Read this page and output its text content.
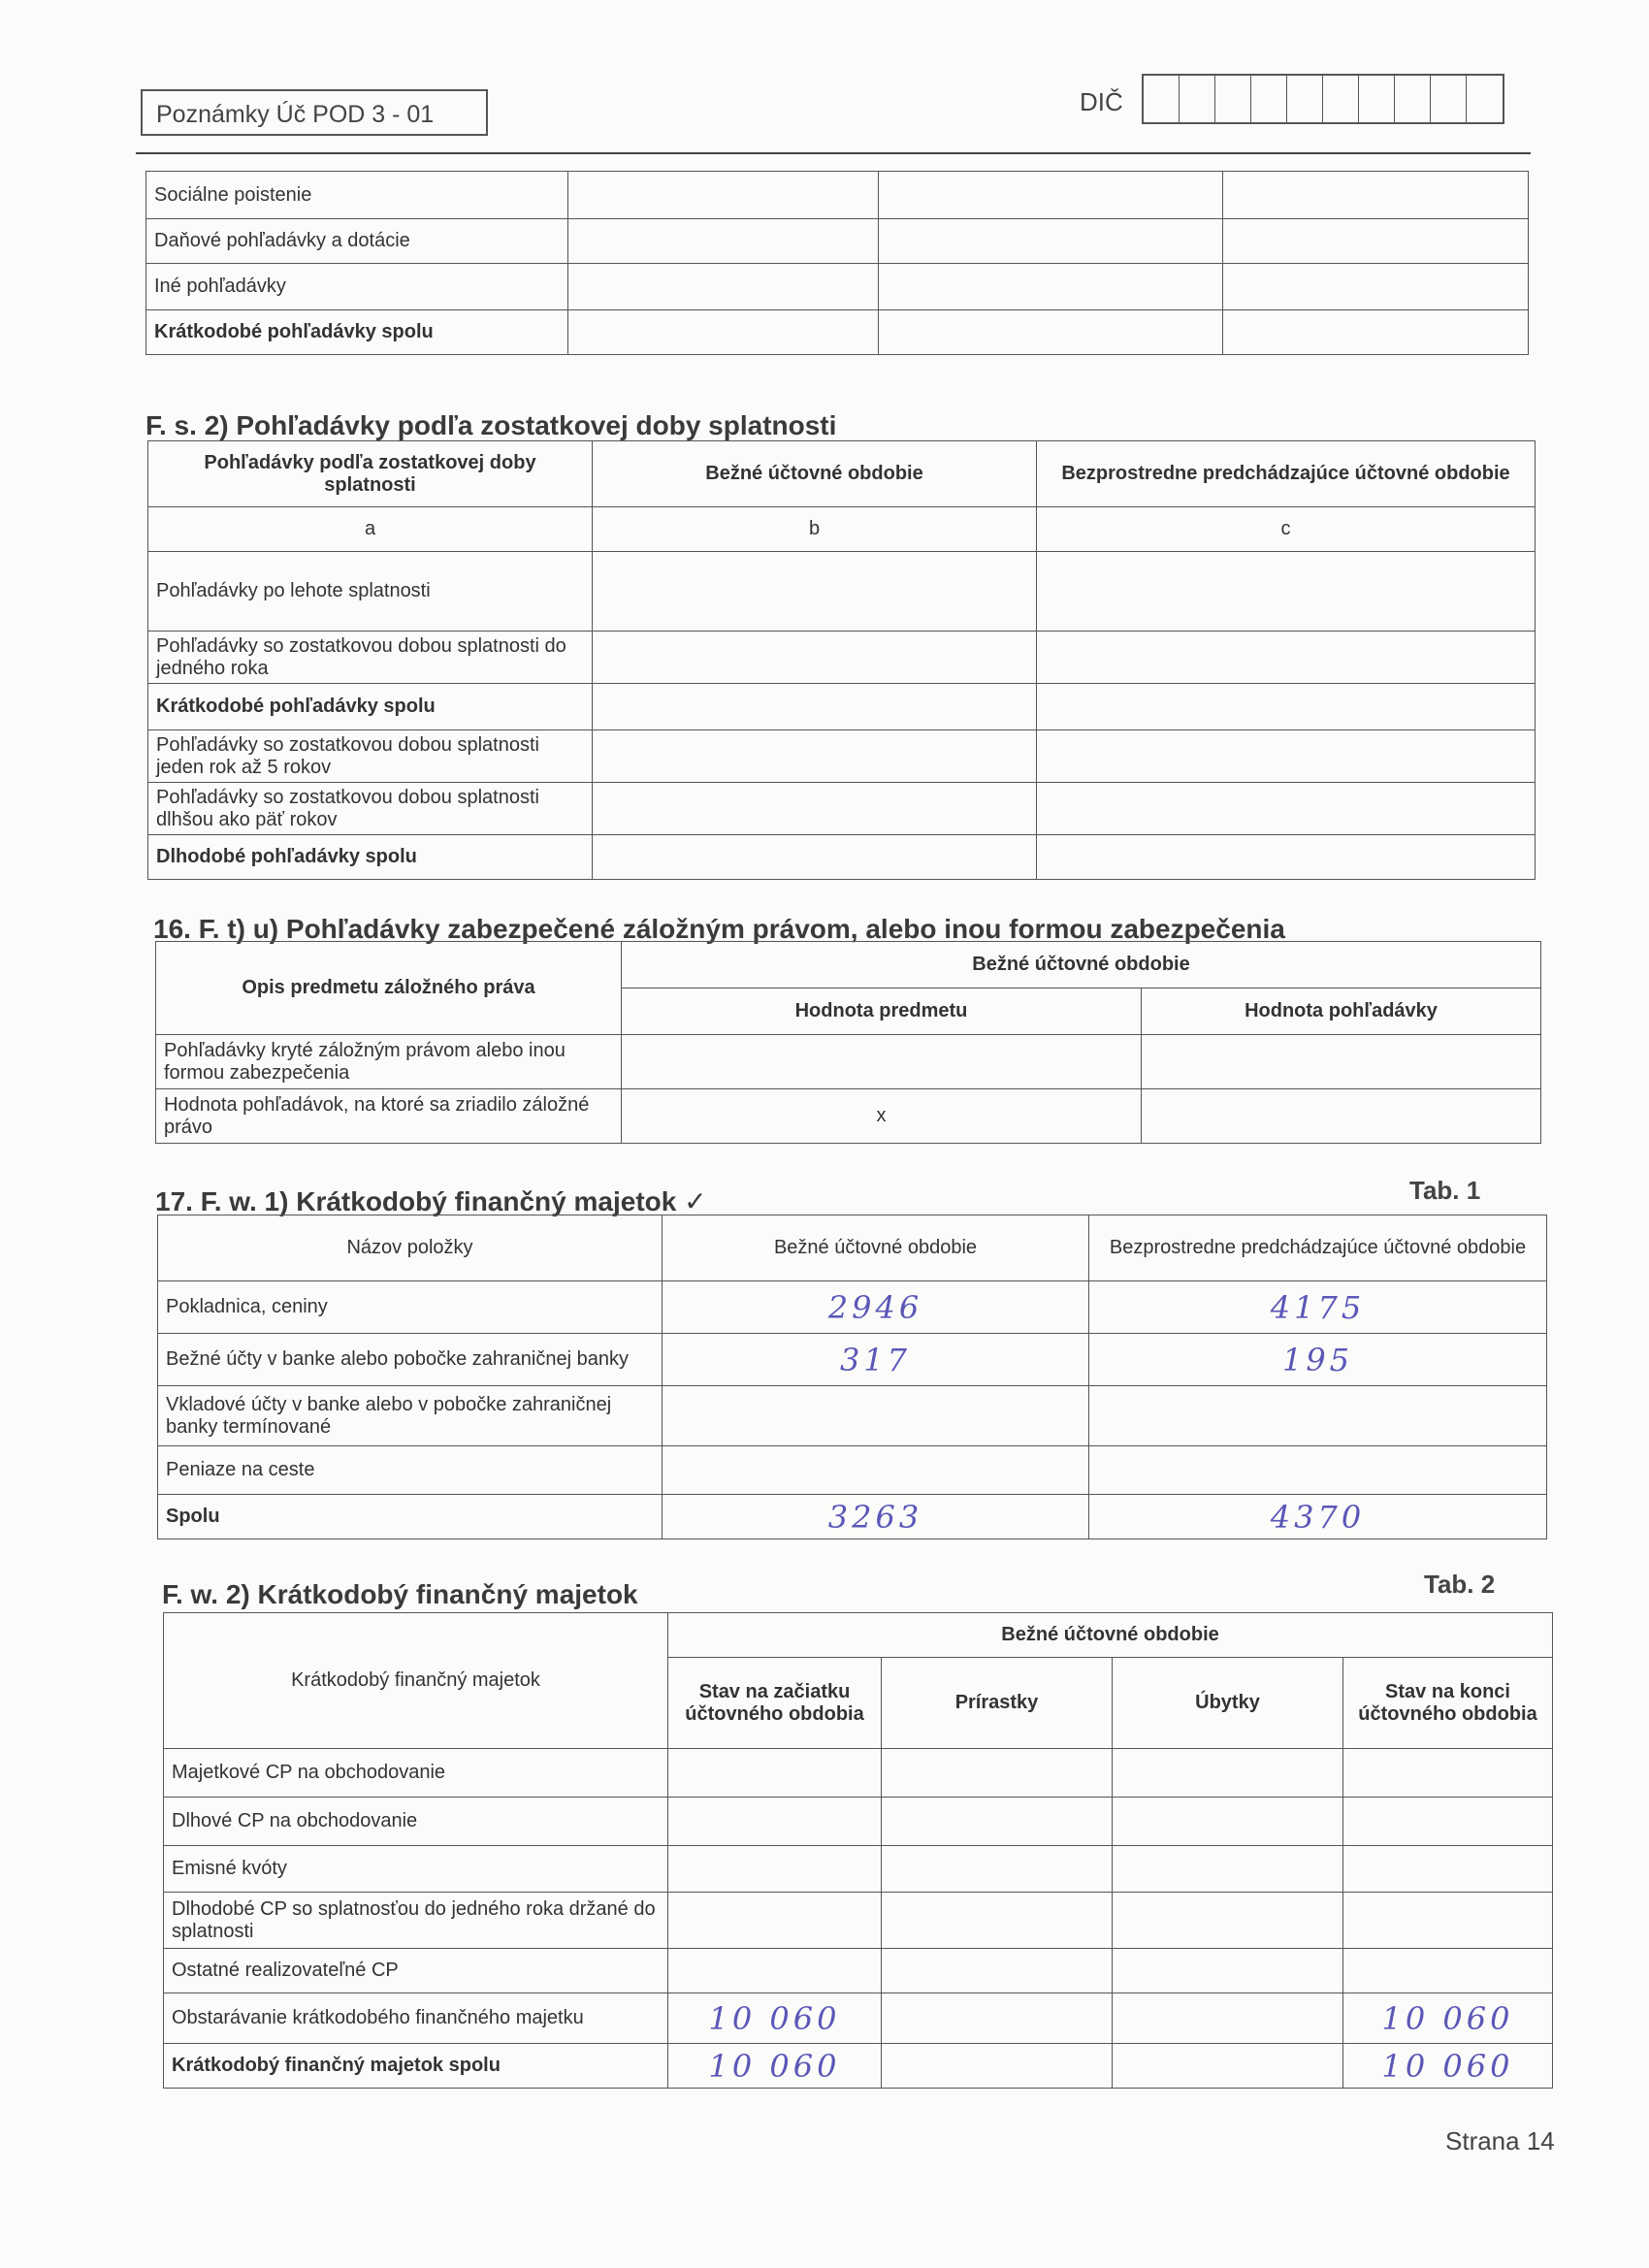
Poznámky Úč POD 3 - 01	DIČ
Sociálne poistenie			
Daňové pohľadávky a dotácie			
Iné pohľadávky			
Krátkodobé pohľadávky spolu			
F. s. 2) Pohľadávky podľa zostatkovej doby splatnosti
Pohľadávky podľa zostatkovej doby splatnosti	Bežné účtovné obdobie	Bezprostredne predchádzajúce účtovné obdobie
a	b	c
Pohľadávky po lehote splatnosti		
Pohľadávky so zostatkovou dobou splatnosti do jedného roka		
Krátkodobé pohľadávky spolu		
Pohľadávky so zostatkovou dobou splatnosti jeden rok až 5 rokov		
Pohľadávky so zostatkovou dobou splatnosti dlhšou ako päť rokov		
Dlhodobé pohľadávky spolu		
16. F. t) u) Pohľadávky zabezpečené záložným právom, alebo inou formou zabezpečenia
Opis predmetu záložného práva	Bežné účtovné obdobie	
	Hodnota predmetu	Hodnota pohľadávky
Pohľadávky kryté záložným právom alebo inou formou zabezpečenia		
Hodnota pohľadávok, na ktoré sa zriadilo záložné právo	x	
17. F. w. 1) Krátkodobý finančný majetok ✓	Tab. 1
Názov položky	Bežné účtovné obdobie	Bezprostredne predchádzajúce účtovné obdobie
Pokladnica, ceniny	2946	4175
Bežné účty v banke alebo pobočke zahraničnej banky	317	195
Vkladové účty v banke alebo v pobočke zahraničnej banky termínované		
Peniaze na ceste		
Spolu	3263	4370
F. w. 2) Krátkodobý finančný majetok	Tab. 2
Krátkodobý finančný majetok	Bežné účtovné obdobie			
	Stav na začiatku účtovného obdobia	Prírastky	Úbytky	Stav na konci účtovného obdobia
Majetkové CP na obchodovanie				
Dlhové CP na obchodovanie				
Emisné kvóty				
Dlhodobé CP so splatnosťou do jedného roka držané do splatnosti				
Ostatné realizovateľné CP				
Obstarávanie krátkodobého finančného majetku	10 060			10 060
Krátkodobý finančný majetok spolu	10 060			10 060
Strana 14
